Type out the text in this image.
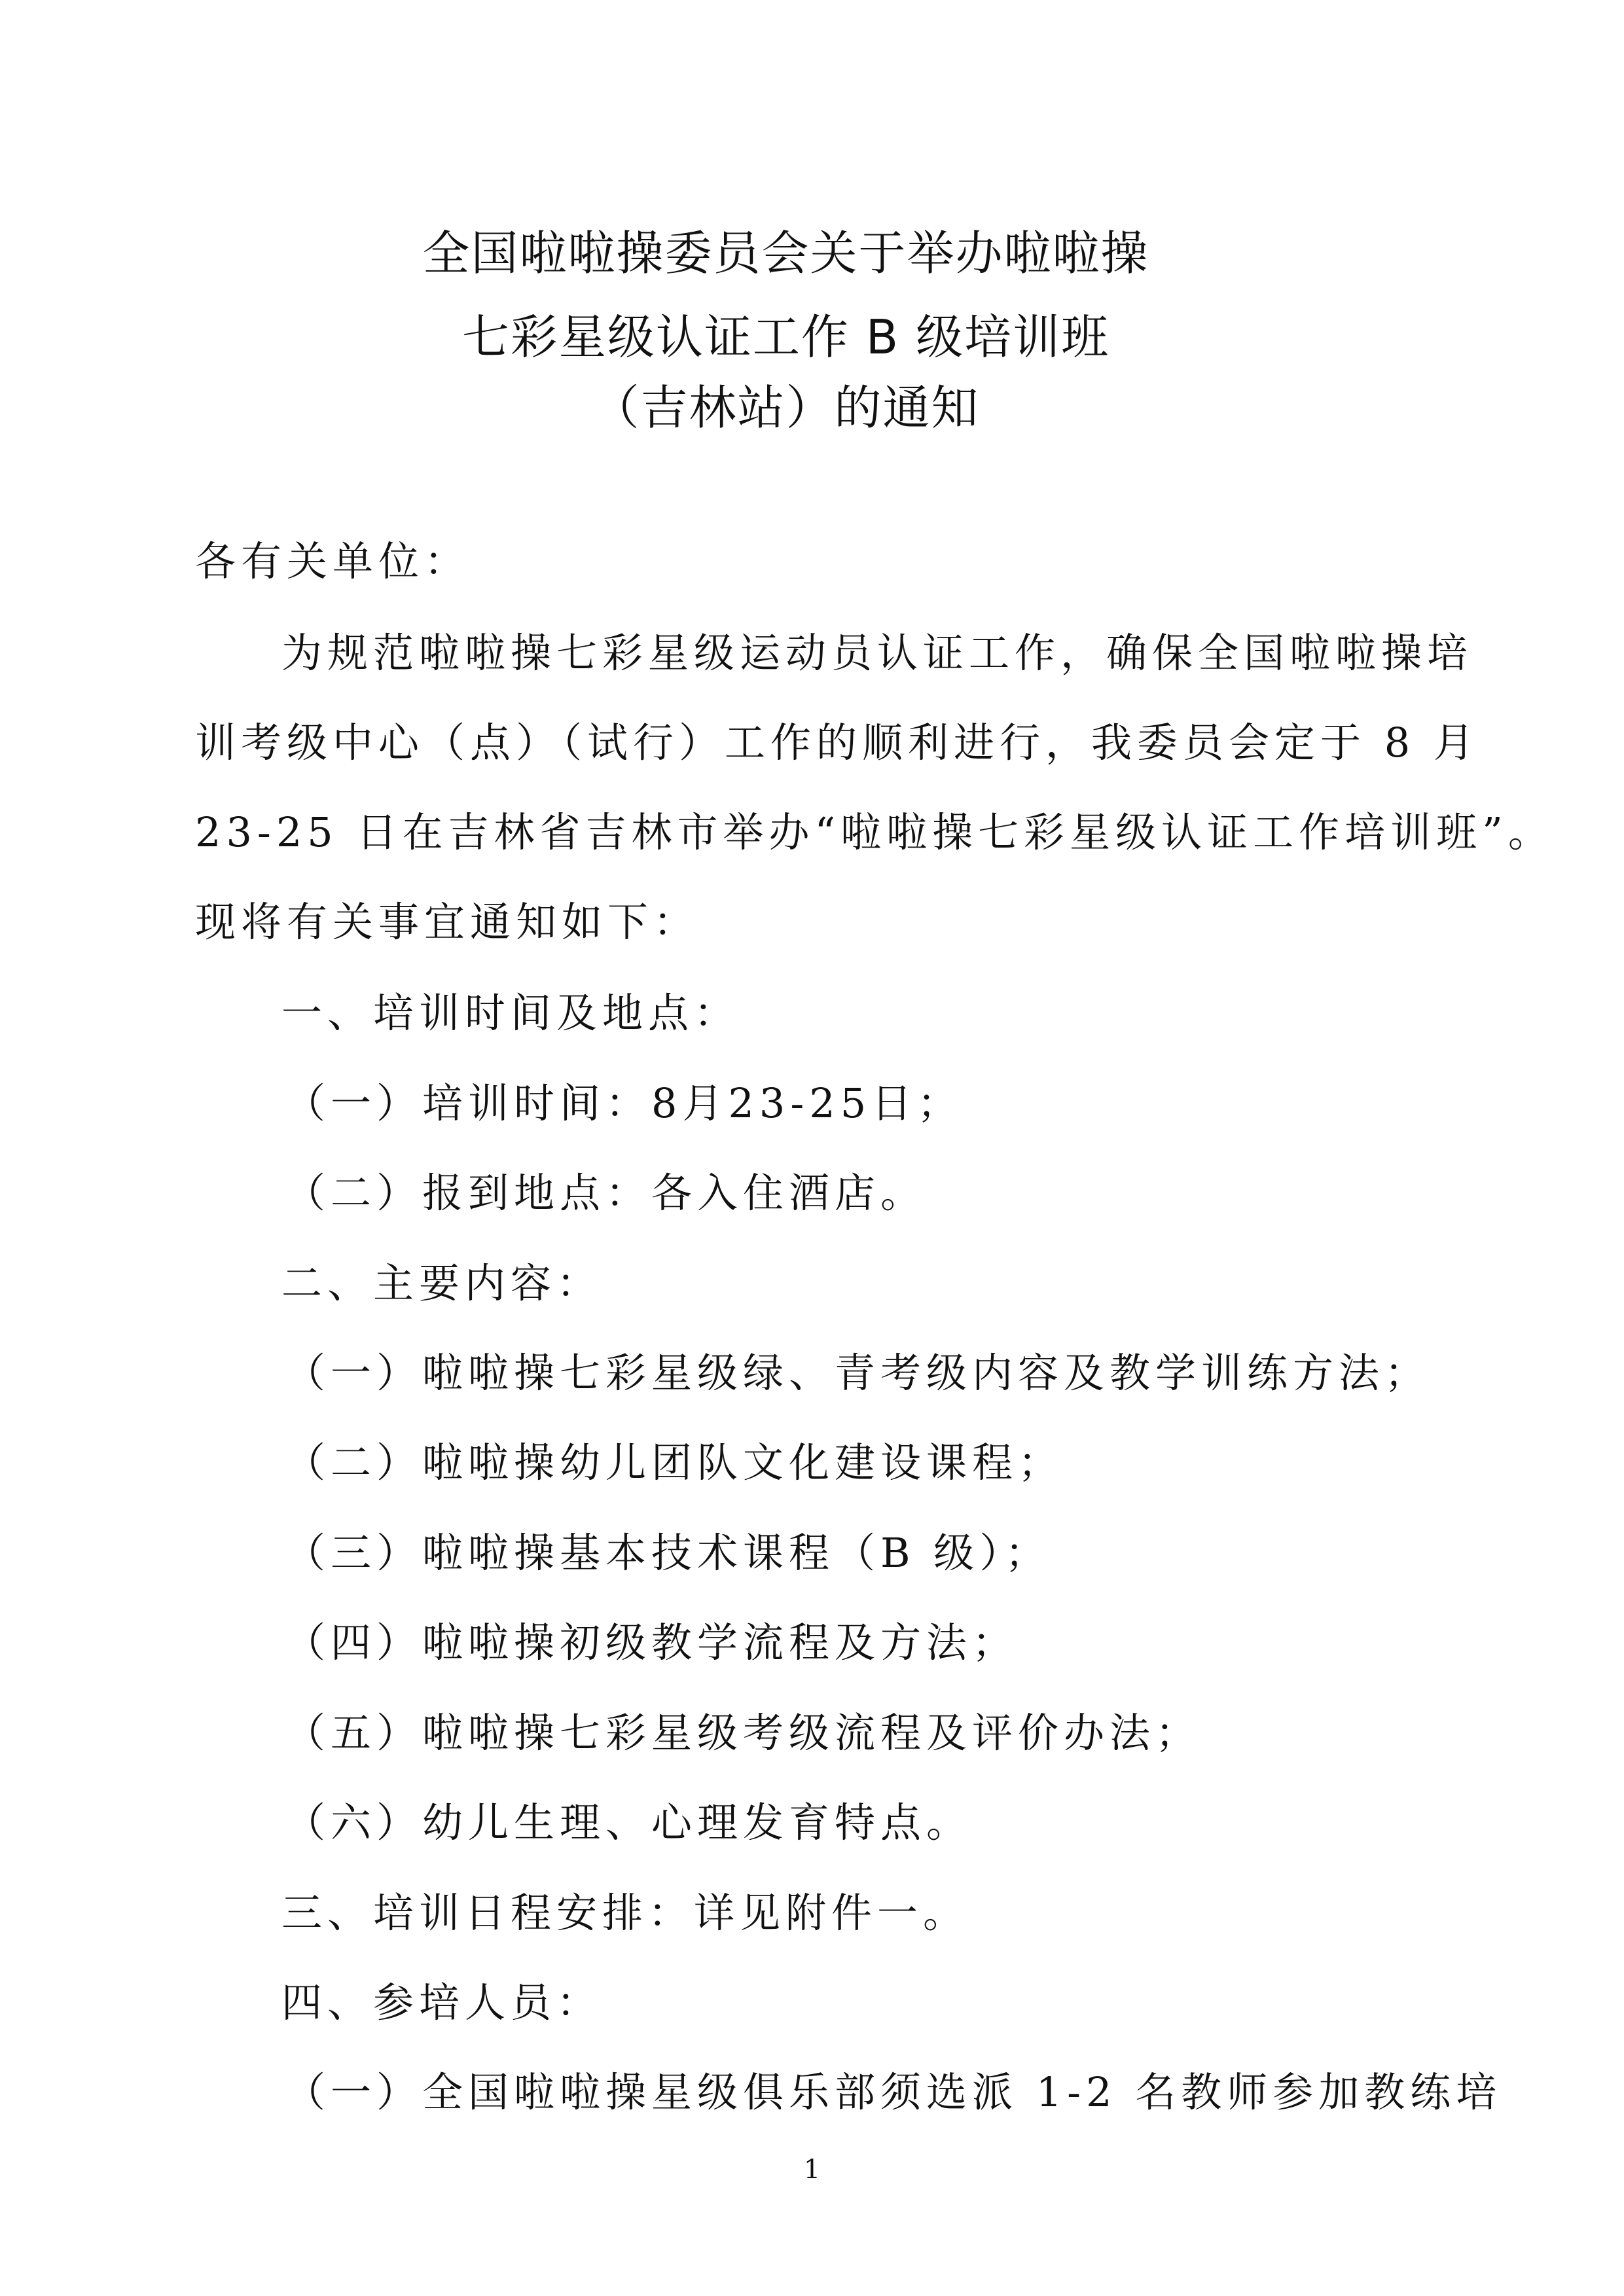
全国啦啦操委员会关于举办啦啦操
七彩星级认证工作 B 级培训班
（吉林站）的通知
各有关单位：
为规范啦啦操七彩星级运动员认证工作，确保全国啦啦操培
训考级中心（点）（试行）工作的顺利进行，我委员会定于 8 月
23-25 日在吉林省吉林市举办“啦啦操七彩星级认证工作培训班”。
现将有关事宜通知如下：
一、培训时间及地点：
（一）培训时间：8月23-25日；
（二）报到地点：各入住酒店。
二、主要内容：
（一）啦啦操七彩星级绿、青考级内容及教学训练方法；
（二）啦啦操幼儿团队文化建设课程；
（三）啦啦操基本技术课程（B 级）；
（四）啦啦操初级教学流程及方法；
（五）啦啦操七彩星级考级流程及评价办法；
（六）幼儿生理、心理发育特点。
三、培训日程安排：详见附件一。
四、参培人员：
（一）全国啦啦操星级俱乐部须选派 1-2 名教师参加教练培
1
